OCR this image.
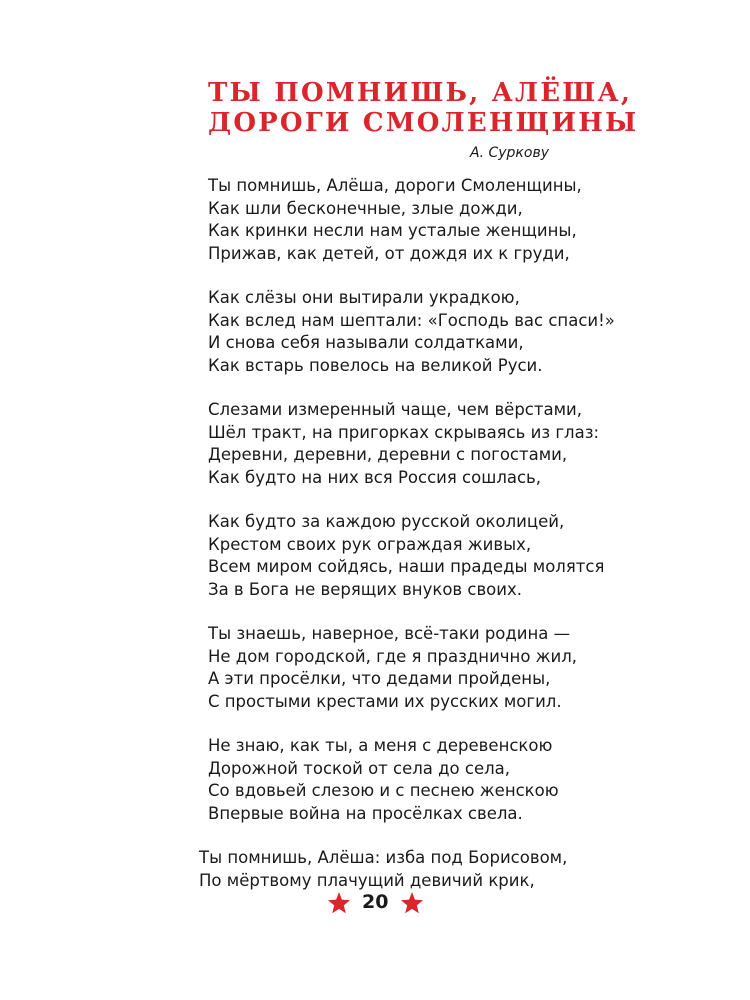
ТЫ ПОМНИШЬ, АЛЁША,
ДОРОГИ СМОЛЕНЩИНЫ
А. Суркову
Ты помнишь, Алёша, дороги Смоленщины,
Как шли бесконечные, злые дожди,
Как кринки несли нам усталые женщины,
Прижав, как детей, от дождя их к груди,
Как слёзы они вытирали украдкою,
Как вслед нам шептали: «Господь вас спаси!»
И снова себя называли солдатками,
Как встарь повелось на великой Руси.
Слезами измеренный чаще, чем вёрстами,
Шёл тракт, на пригорках скрываясь из глаз:
Деревни, деревни, деревни с погостами,
Как будто на них вся Россия сошлась,
Как будто за каждою русской околицей,
Крестом своих рук ограждая живых,
Всем миром сойдясь, наши прадеды молятся
За в Бога не верящих внуков своих.
Ты знаешь, наверное, всё-таки родина —
Не дом городской, где я празднично жил,
А эти просёлки, что дедами пройдены,
С простыми крестами их русских могил.
Не знаю, как ты, а меня с деревенскою
Дорожной тоской от села до села,
Со вдовьей слезою и с песнею женскою
Впервые война на просёлках свела.
Ты помнишь, Алёша: изба под Борисовом,
По мёртвому плачущий девичий крик,
20
